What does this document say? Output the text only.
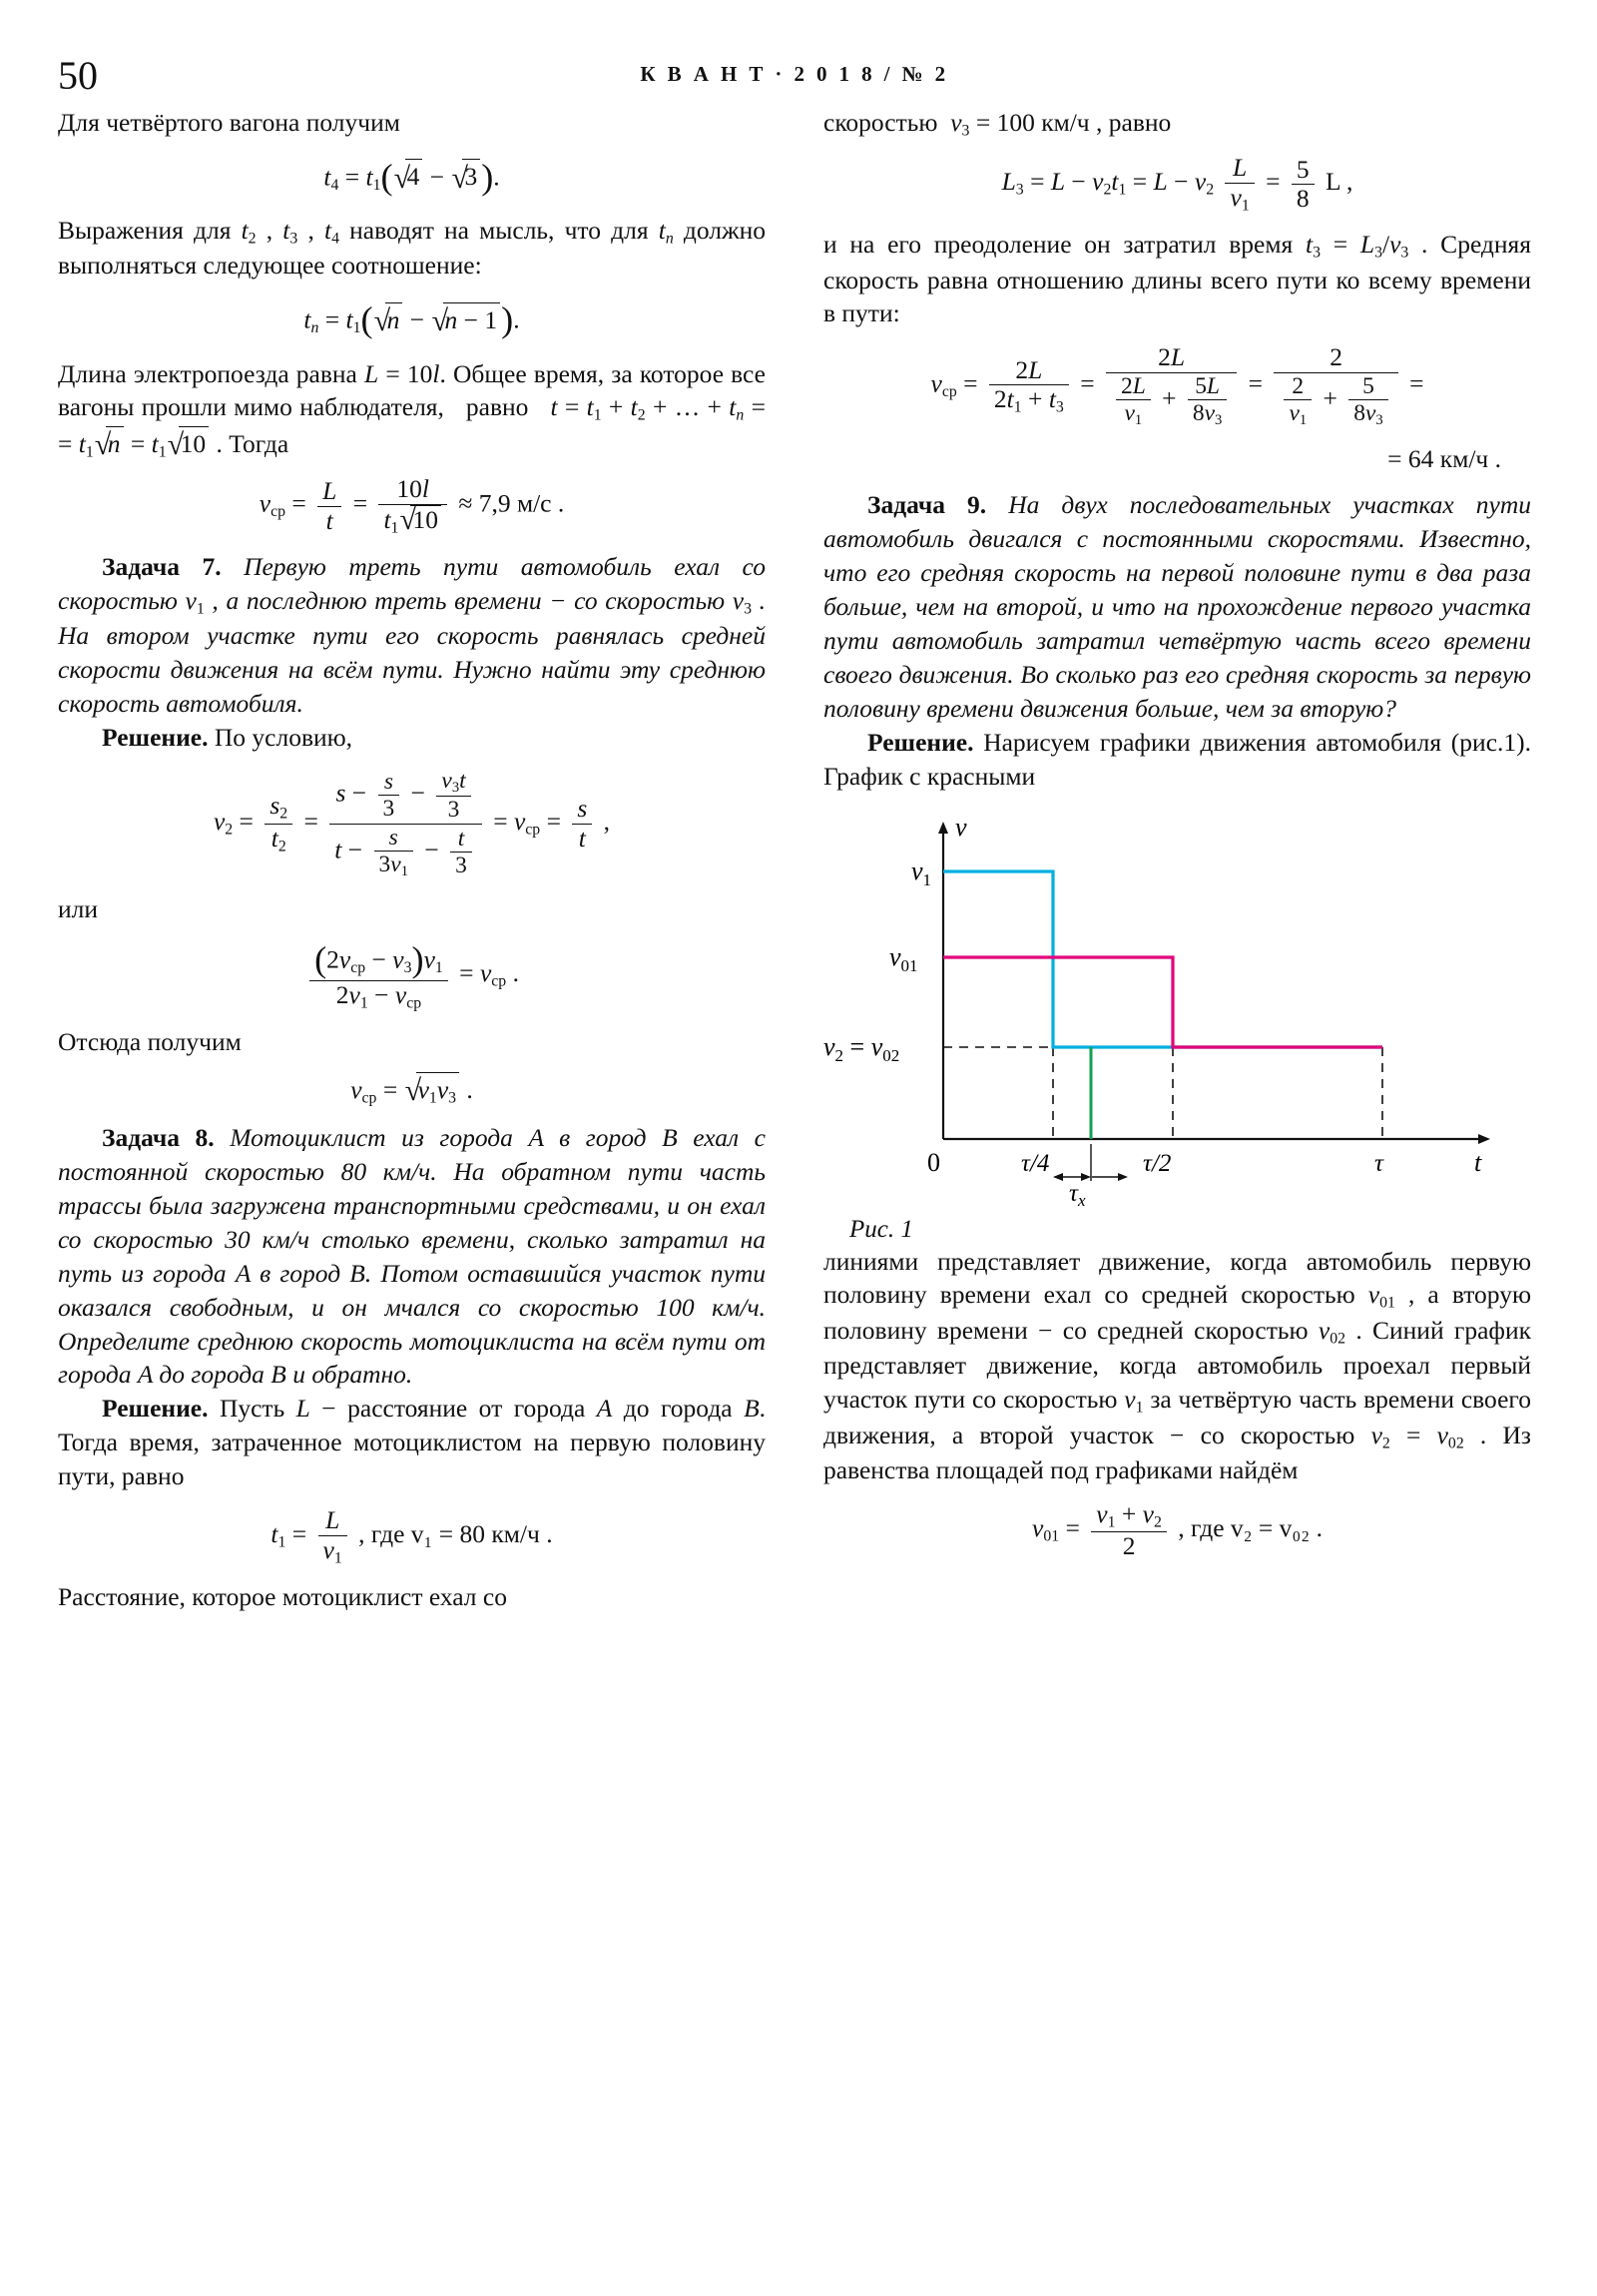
50	К В А Н Т · 2 0 1 8 / № 2

Для четвёртого вагона получим

$t_4 = t_1$( √ 4 − √ 3 ).

Выражения для $t_2$ , $t_3$ , $t_4$ наводят на мысль, что для $t_n$ должно выполняться следующее соотношение:

$t_n = t_1$( √ n − √ n − 1 ).

Длина электропоезда равна L = 10l. Общее время, за которое все вагоны прошли мимо наблюдателя,   равно   $t = t_1 + t_2$ + … + $t_n$ = = $t_1$ √ $n = t_1$ √ 10 . Тогда

$v_{ср} = \frac{L}{t} = \frac{10l}{t_1 √ 10} \approx 7,9$ м/с .

Задача 7. Первую треть пути автомобиль ехал со скоростью $v_1$ , а последнюю треть времени − со скоростью $v_3$ . На втором участке пути его скорость равнялась средней скорости движения на всём пути. Нужно найти эту среднюю скорость автомобиля.

Решение. По условию,

$v_2 = \frac{s_2}{t_2} = \frac{s - \frac{s}{3} - \frac{v_3t}{3}}{t - \frac{s}{3v_1} - \frac{t}{3}} = v_{ср} = \frac{s}{t}$ ,

или

$\frac{(2v_{ср} - v_3)v_1}{2v_1 - v_{ср}} = v_{ср}$ .

Отсюда получим

$v_{ср}$ = √ $v_1v_3$ .

Задача 8. Мотоциклист из города A в город B ехал с постоянной скоростью 80 км/ч. На обратном пути часть трассы была загружена транспортными средствами, и он ехал со скоростью 30 км/ч столько времени, сколько затратил на путь из города A в город B. Потом оставшийся участок пути оказался свободным, и он мчался со скоростью 100 км/ч. Определите среднюю скорость мотоциклиста на всём пути от города A до города B и обратно.

Решение. Пусть L − расстояние от города A до города B. Тогда время, затраченное мотоциклистом на первую половину пути, равно

$t_1 = \frac{L}{v_1}$ , где v₁ = 80 км/ч .

Расстояние, которое мотоциклист ехал со

скоростью  $v_3 = 100$ км/ч , равно

$L_3 = L - v_2t_1 = L - v_2 \frac{L}{v_1} = \frac{5}{8}$ L ,

и на его преодоление он затратил время $t_3 = L_3/v_3$ . Средняя скорость равна отношению длины всего пути ко всему времени в пути:

$v_{ср} = \frac{2L}{2t_1 + t_3} = \frac{2L}{\frac{2L}{v_1} + \frac{5L}{8v_3}} = \frac{2}{\frac{2}{v_1} + \frac{5}{8v_3}}$ =
= 64 км/ч .

Задача 9. На двух последовательных участках пути автомобиль двигался с постоянными скоростями. Известно, что его средняя скорость на первой половине пути в два раза больше, чем на второй, и что на прохождение первого участка пути автомобиль затратил четвёртую часть всего времени своего движения. Во сколько раз его средняя скорость за первую половину времени движения больше, чем за вторую?

Решение. Нарисуем графики движения автомобиля (рис.1). График с красными

v
t
$v_1$
$v_{01}$
$v_2 = v_{02}$
0	τ/4
$\tau_x$
τ/2	τ
Рис. 1

линиями представляет движение, когда автомобиль первую половину времени ехал со средней скоростью $v_{01}$ , а вторую половину времени − со средней скоростью $v_{02}$ . Синий график представляет движение, когда автомобиль проехал первый участок пути со скоростью $v_1$ за четвёртую часть времени своего движения, а второй участок − со скоростью $v_2 = v_{02}$ . Из равенства площадей под графиками найдём

$v_{01} = \frac{v_1 + v_2}{2}$ , где v₂ = v₀₂ .
